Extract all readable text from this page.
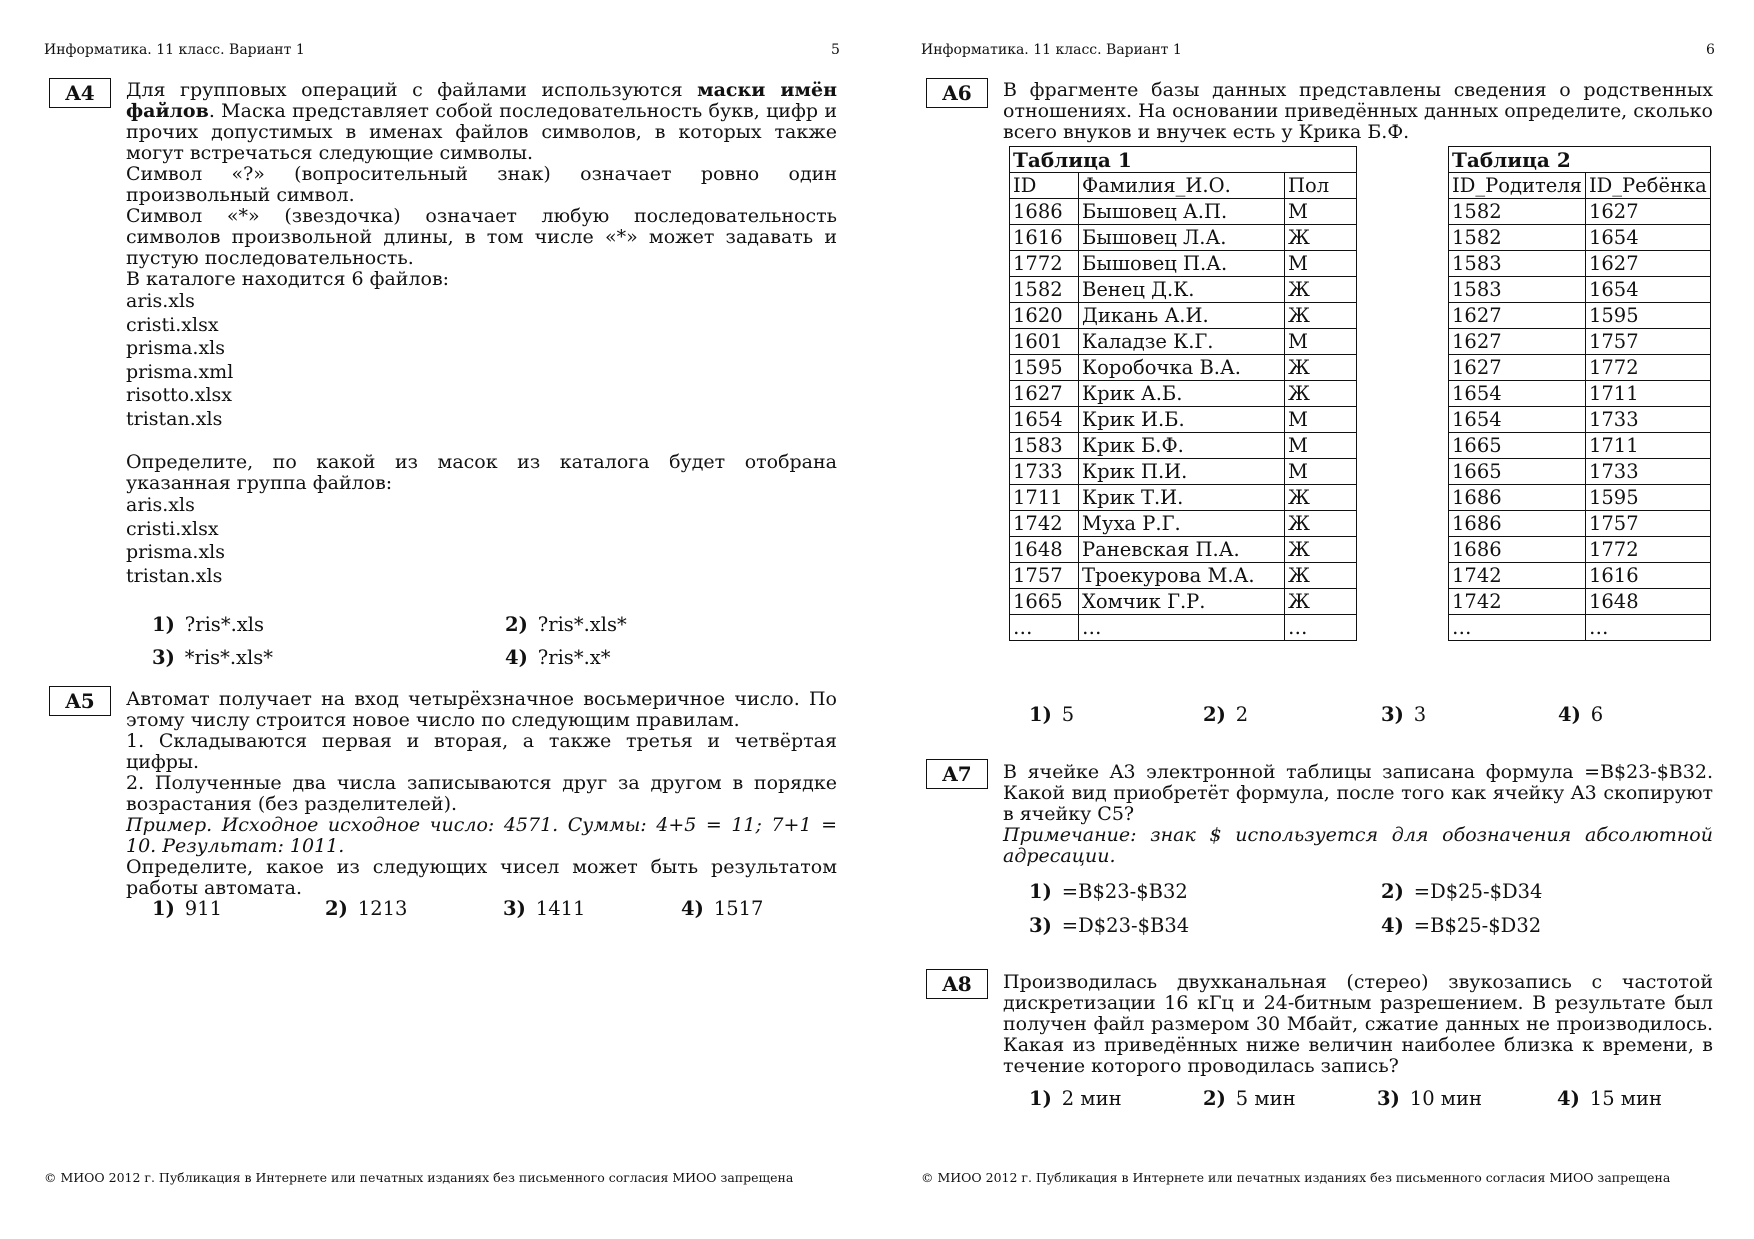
Информатика. 11 класс. Вариант 1	5
A4	Для групповых операций с файлами используются маски имён файлов. Маска представляет собой последовательность букв, цифр и прочих допустимых в именах файлов символов, в которых также могут встречаться следующие символы.

Символ «?» (вопросительный знак) означает ровно один произвольный символ.

Символ «*» (звездочка) означает любую последовательность символов произвольной длины, в том числе «*» может задавать и пустую последовательность.

В каталоге находится 6 файлов:

aris.xls
cristi.xlsx
prisma.xls
prisma.xml
risotto.xlsx
tristan.xls

Определите, по какой из масок из каталога будет отобрана указанная группа файлов:

aris.xls
cristi.xlsx
prisma.xls
tristan.xls
1) ?ris*.xls	2) ?ris*.xls*
3) *ris*.xls*	4) ?ris*.x*
A5	Автомат получает на вход четырёхзначное восьмеричное число. По этому числу строится новое число по следующим правилам.

1. Складываются первая и вторая, а также третья и четвёртая цифры.

2. Полученные два числа записываются друг за другом в порядке возрастания (без разделителей).

Пример. Исходное исходное число: 4571. Суммы: 4+5 = 11; 7+1 = 10. Результат: 1011.

Определите, какое из следующих чисел может быть результатом работы автомата.

1) 911	2) 1213	3) 1411	4) 1517
© МИОО 2012 г. Публикация в Интернете или печатных изданиях без письменного согласия МИОО запрещена
Информатика. 11 класс. Вариант 1	6
A6	В фрагменте базы данных представлены сведения о родственных отношениях. На основании приведённых данных определите, сколько всего внуков и внучек есть у Крика Б.Ф.

Таблица 1		
ID	Фамилия_И.О.	Пол
1686	Бышовец А.П.	М
1616	Бышовец Л.А.	Ж
1772	Бышовец П.А.	М
1582	Венец Д.К.	Ж
1620	Дикань А.И.	Ж
1601	Каладзе К.Г.	М
1595	Коробочка В.А.	Ж
1627	Крик А.Б.	Ж
1654	Крик И.Б.	М
1583	Крик Б.Ф.	М
1733	Крик П.И.	М
1711	Крик Т.И.	Ж
1742	Муха Р.Г.	Ж
1648	Раневская П.А.	Ж
1757	Троекурова М.А.	Ж
1665	Хомчик Г.Р.	Ж
…	…	…
Таблица 2	
ID_Родителя	ID_Ребёнка
1582	1627
1582	1654
1583	1627
1583	1654
1627	1595
1627	1757
1627	1772
1654	1711
1654	1733
1665	1711
1665	1733
1686	1595
1686	1757
1686	1772
1742	1616
1742	1648
…	…
1) 5	2) 2	3) 3	4) 6
A7	В ячейке A3 электронной таблицы записана формула =B$23-$B32. Какой вид приобретёт формула, после того как ячейку A3 скопируют в ячейку C5?

Примечание: знак $ используется для обозначения абсолютной адресации.

1) =B$23-$B32	2) =D$25-$D34
3) =D$23-$B34	4) =B$25-$D32
A8	Производилась двухканальная (стерео) звукозапись с частотой дискретизации 16 кГц и 24-битным разрешением. В результате был получен файл размером 30 Мбайт, сжатие данных не производилось. Какая из приведённых ниже величин наиболее близка к времени, в течение которого проводилась запись?

1) 2 мин	2) 5 мин	3) 10 мин	4) 15 мин
© МИОО 2012 г. Публикация в Интернете или печатных изданиях без письменного согласия МИОО запрещена
